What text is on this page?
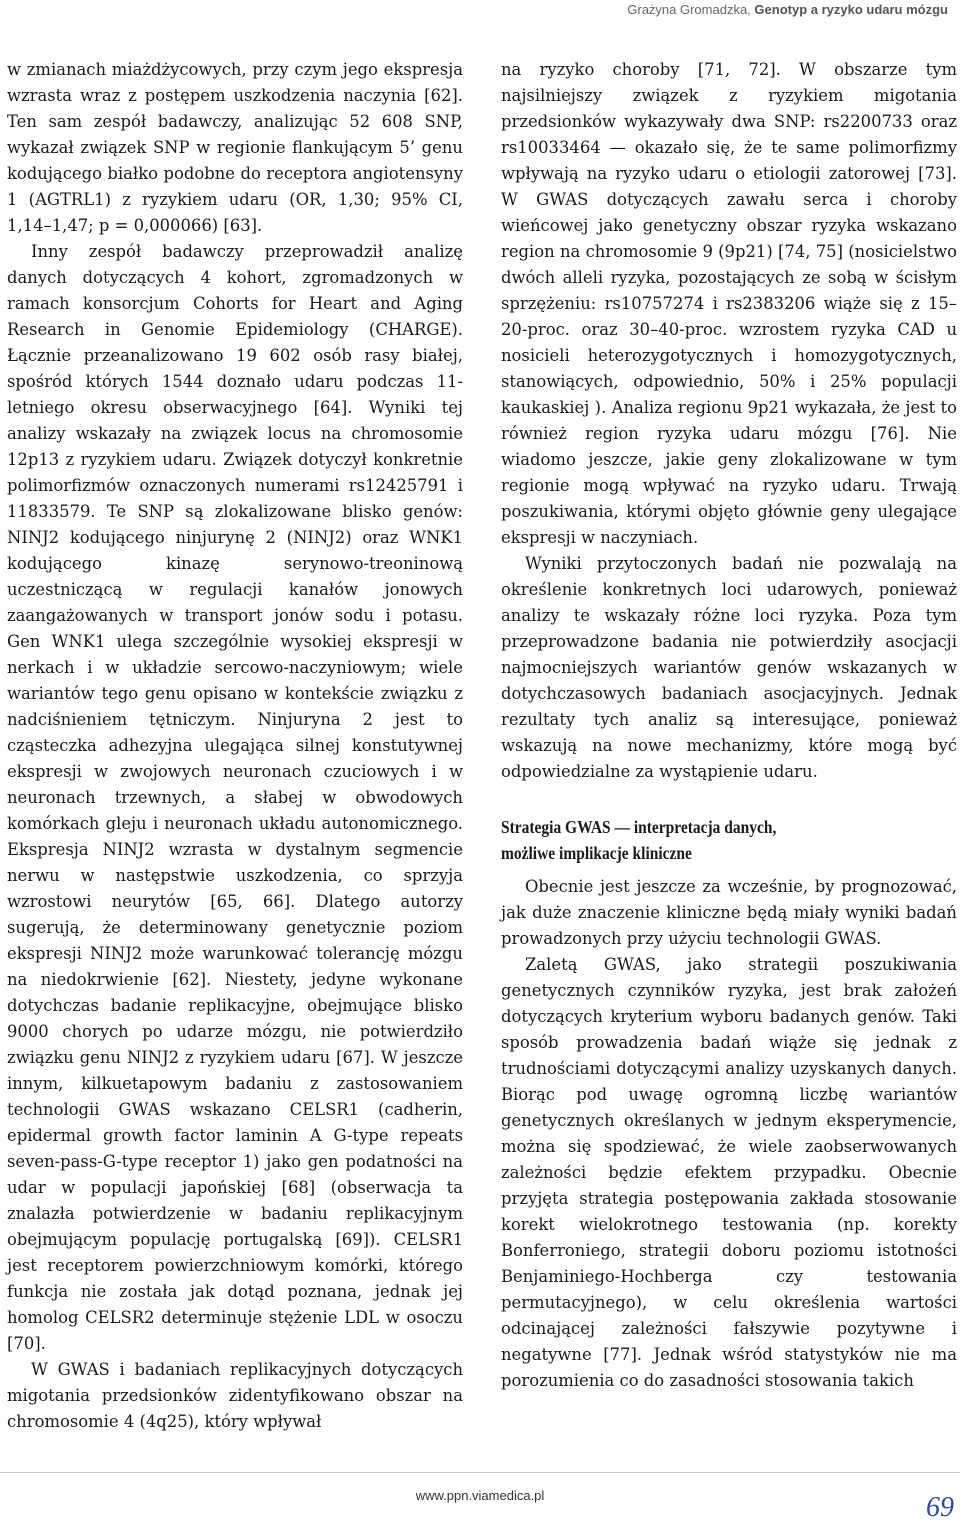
Grażyna Gromadzka, Genotyp a ryzyko udaru mózgu

w zmianach miażdżycowych, przy czym jego ekspresja wzrasta wraz z postępem uszkodzenia naczynia [62]. Ten sam zespół badawczy, analizując 52 608 SNP, wykazał związek SNP w regionie flankującym 5’ genu kodującego białko podobne do receptora angiotensyny 1 (AGTRL1) z ryzykiem udaru (OR, 1,30; 95% CI, 1,14–1,47; p = 0,000066) [63].

Inny zespół badawczy przeprowadził analizę danych dotyczących 4 kohort, zgromadzonych w ramach konsorcjum Cohorts for Heart and Aging Research in Genomie Epidemiology (CHARGE). Łącznie przeanalizowano 19 602 osób rasy białej, spośród których 1544 doznało udaru podczas 11-letniego okresu obserwacyjnego [64]. Wyniki tej analizy wskazały na związek locus na chromosomie 12p13 z ryzykiem udaru. Związek dotyczył konkretnie polimorfizmów oznaczonych numerami rs12425791 i 11833579. Te SNP są zlokalizowane blisko genów: NINJ2 kodującego ninjurynę 2 (NINJ2) oraz WNK1 kodującego kinazę serynowo-treoninową uczestniczącą w regulacji kanałów jonowych zaangażowanych w transport jonów sodu i potasu. Gen WNK1 ulega szczególnie wysokiej ekspresji w nerkach i w układzie sercowo-naczyniowym; wiele wariantów tego genu opisano w kontekście związku z nadciśnieniem tętniczym. Ninjuryna 2 jest to cząsteczka adhezyjna ulegająca silnej konstutywnej ekspresji w zwojowych neuronach czuciowych i w neuronach trzewnych, a słabej w obwodowych komórkach gleju i neuronach układu autonomicznego. Ekspresja NINJ2 wzrasta w dystalnym segmencie nerwu w następstwie uszkodzenia, co sprzyja wzrostowi neurytów [65, 66]. Dlatego autorzy sugerują, że determinowany genetycznie poziom ekspresji NINJ2 może warunkować tolerancję mózgu na niedokrwienie [62]. Niestety, jedyne wykonane dotychczas badanie replikacyjne, obejmujące blisko 9000 chorych po udarze mózgu, nie potwierdziło związku genu NINJ2 z ryzykiem udaru [67]. W jeszcze innym, kilkuetapowym badaniu z zastosowaniem technologii GWAS wskazano CELSR1 (cadherin, epidermal growth factor laminin A G-type repeats seven-pass-G-type receptor 1) jako gen podatności na udar w populacji japońskiej [68] (obserwacja ta znalazła potwierdzenie w badaniu replikacyjnym obejmującym populację portugalską [69]). CELSR1 jest receptorem powierzchniowym komórki, którego funkcja nie została jak dotąd poznana, jednak jej homolog CELSR2 determinuje stężenie LDL w osoczu [70].

W GWAS i badaniach replikacyjnych dotyczących migotania przedsionków zidentyfikowano obszar na chromosomie 4 (4q25), który wpływał

na ryzyko choroby [71, 72]. W obszarze tym najsilniejszy związek z ryzykiem migotania przedsionków wykazywały dwa SNP: rs2200733 oraz rs10033464 — okazało się, że te same polimorfizmy wpływają na ryzyko udaru o etiologii zatorowej [73]. W GWAS dotyczących zawału serca i choroby wieńcowej jako genetyczny obszar ryzyka wskazano region na chromosomie 9 (9p21) [74, 75] (nosicielstwo dwóch alleli ryzyka, pozostających ze sobą w ścisłym sprzężeniu: rs10757274 i rs2383206 wiąże się z 15–20-proc. oraz 30–40-proc. wzrostem ryzyka CAD u nosicieli heterozygotycznych i homozygotycznych, stanowiących, odpowiednio, 50% i 25% populacji kaukaskiej ). Analiza regionu 9p21 wykazała, że jest to również region ryzyka udaru mózgu [76]. Nie wiadomo jeszcze, jakie geny zlokalizowane w tym regionie mogą wpływać na ryzyko udaru. Trwają poszukiwania, którymi objęto głównie geny ulegające ekspresji w naczyniach.

Wyniki przytoczonych badań nie pozwalają na określenie konkretnych loci udarowych, ponieważ analizy te wskazały różne loci ryzyka. Poza tym przeprowadzone badania nie potwierdziły asocjacji najmocniejszych wariantów genów wskazanych w dotychczasowych badaniach asocjacyjnych. Jednak rezultaty tych analiz są interesujące, ponieważ wskazują na nowe mechanizmy, które mogą być odpowiedzialne za wystąpienie udaru.

Strategia GWAS — interpretacja danych,
możliwe implikacje kliniczne

Obecnie jest jeszcze za wcześnie, by prognozować, jak duże znaczenie kliniczne będą miały wyniki badań prowadzonych przy użyciu technologii GWAS.

Zaletą GWAS, jako strategii poszukiwania genetycznych czynników ryzyka, jest brak założeń dotyczących kryterium wyboru badanych genów. Taki sposób prowadzenia badań wiąże się jednak z trudnościami dotyczącymi analizy uzyskanych danych. Biorąc pod uwagę ogromną liczbę wariantów genetycznych określanych w jednym eksperymencie, można się spodziewać, że wiele zaobserwowanych zależności będzie efektem przypadku. Obecnie przyjęta strategia postępowania zakłada stosowanie korekt wielokrotnego testowania (np. korekty Bonferroniego, strategii doboru poziomu istotności Benjaminiego-Hochberga czy testowania permutacyjnego), w celu określenia wartości odcinającej zależności fałszywie pozytywne i negatywne [77]. Jednak wśród statystyków nie ma porozumienia co do zasadności stosowania takich

www.ppn.viamedica.pl	69
